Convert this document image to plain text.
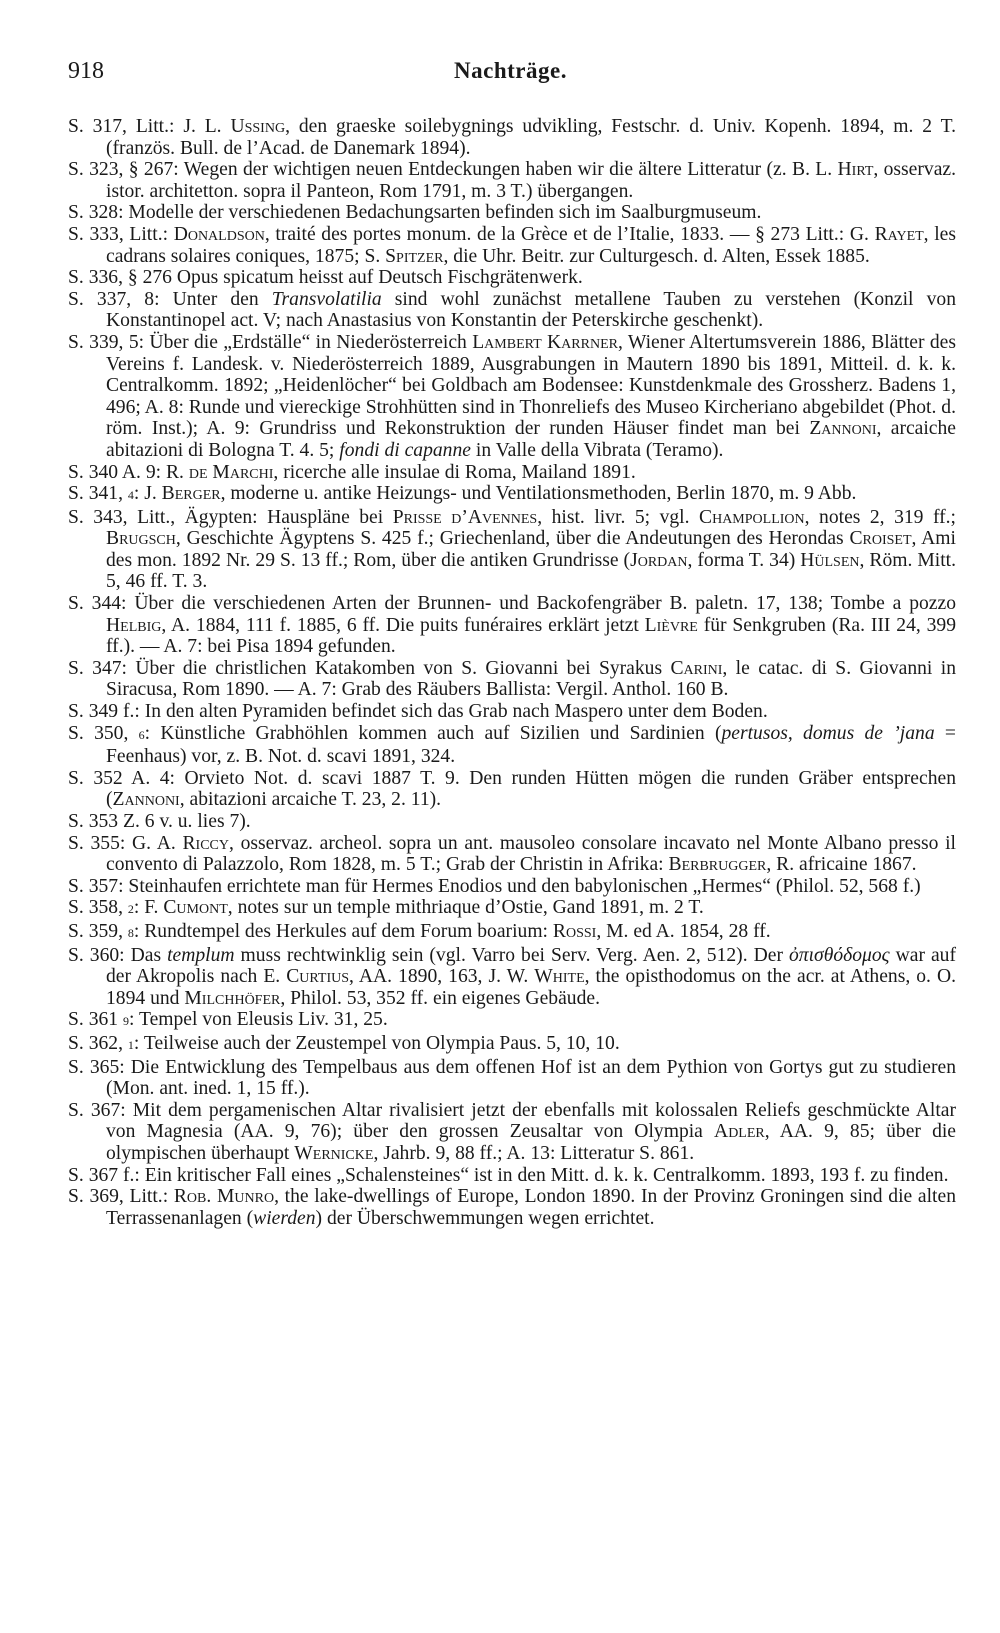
918	Nachträge.

S. 317, Litt.: J. L. Ussing, den graeske soilebygnings udvikling, Festschr. d. Univ. Kopenh. 1894, m. 2 T. (französ. Bull. de l’Acad. de Danemark 1894).

S. 323, § 267: Wegen der wichtigen neuen Entdeckungen haben wir die ältere Litteratur (z. B. L. Hirt, osservaz. istor. architetton. sopra il Panteon, Rom 1791, m. 3 T.) übergangen.

S. 328: Modelle der verschiedenen Bedachungsarten befinden sich im Saalburgmuseum.

S. 333, Litt.: Donaldson, traité des portes monum. de la Grèce et de l’Italie, 1833. — § 273 Litt.: G. Rayet, les cadrans solaires coniques, 1875; S. Spitzer, die Uhr. Beitr. zur Culturgesch. d. Alten, Essek 1885.

S. 336, § 276 Opus spicatum heisst auf Deutsch Fischgrätenwerk.

S. 337, 8: Unter den Transvolatilia sind wohl zunächst metallene Tauben zu verstehen (Konzil von Konstantinopel act. V; nach Anastasius von Konstantin der Peterskirche geschenkt).

S. 339, 5: Über die „Erdställe“ in Niederösterreich Lambert Karrner, Wiener Altertumsverein 1886, Blätter des Vereins f. Landesk. v. Niederösterreich 1889, Ausgrabungen in Mautern 1890 bis 1891, Mitteil. d. k. k. Centralkomm. 1892; „Heidenlöcher“ bei Goldbach am Bodensee: Kunstdenkmale des Grossherz. Badens 1, 496; A. 8: Runde und viereckige Strohhütten sind in Thonreliefs des Museo Kircheriano abgebildet (Phot. d. röm. Inst.); A. 9: Grundriss und Rekonstruktion der runden Häuser findet man bei Zannoni, arcaiche abitazioni di Bologna T. 4. 5; fondi di capanne in Valle della Vibrata (Teramo).

S. 340 A. 9: R. de Marchi, ricerche alle insulae di Roma, Mailand 1891.

S. 341, 4: J. Berger, moderne u. antike Heizungs- und Ventilationsmethoden, Berlin 1870, m. 9 Abb.

S. 343, Litt., Ägypten: Hauspläne bei Prisse d’Avennes, hist. livr. 5; vgl. Champollion, notes 2, 319 ff.; Brugsch, Geschichte Ägyptens S. 425 f.; Griechenland, über die Andeutungen des Herondas Croiset, Ami des mon. 1892 Nr. 29 S. 13 ff.; Rom, über die antiken Grundrisse (Jordan, forma T. 34) Hülsen, Röm. Mitt. 5, 46 ff. T. 3.

S. 344: Über die verschiedenen Arten der Brunnen- und Backofengräber B. paletn. 17, 138; Tombe a pozzo Helbig, A. 1884, 111 f. 1885, 6 ff. Die puits funéraires erklärt jetzt Lièvre für Senkgruben (Ra. III 24, 399 ff.). — A. 7: bei Pisa 1894 gefunden.

S. 347: Über die christlichen Katakomben von S. Giovanni bei Syrakus Carini, le catac. di S. Giovanni in Siracusa, Rom 1890. — A. 7: Grab des Räubers Ballista: Vergil. Anthol. 160 B.

S. 349 f.: In den alten Pyramiden befindet sich das Grab nach Maspero unter dem Boden.

S. 350, 6: Künstliche Grabhöhlen kommen auch auf Sizilien und Sardinien (pertusos, domus de ’jana = Feenhaus) vor, z. B. Not. d. scavi 1891, 324.

S. 352 A. 4: Orvieto Not. d. scavi 1887 T. 9. Den runden Hütten mögen die runden Gräber entsprechen (Zannoni, abitazioni arcaiche T. 23, 2. 11).

S. 353 Z. 6 v. u. lies 7).

S. 355: G. A. Riccy, osservaz. archeol. sopra un ant. mausoleo consolare incavato nel Monte Albano presso il convento di Palazzolo, Rom 1828, m. 5 T.; Grab der Christin in Afrika: Berbrugger, R. africaine 1867.

S. 357: Steinhaufen errichtete man für Hermes Enodios und den babylonischen „Hermes“ (Philol. 52, 568 f.)

S. 358, 2: F. Cumont, notes sur un temple mithriaque d’Ostie, Gand 1891, m. 2 T.

S. 359, 8: Rundtempel des Herkules auf dem Forum boarium: Rossi, M. ed A. 1854, 28 ff.

S. 360: Das templum muss rechtwinklig sein (vgl. Varro bei Serv. Verg. Aen. 2, 512). Der ὀπισθόδομος war auf der Akropolis nach E. Curtius, AA. 1890, 163, J. W. White, the opisthodomus on the acr. at Athens, o. O. 1894 und Milchhöfer, Philol. 53, 352 ff. ein eigenes Gebäude.

S. 361 9: Tempel von Eleusis Liv. 31, 25.

S. 362, 1: Teilweise auch der Zeustempel von Olympia Paus. 5, 10, 10.

S. 365: Die Entwicklung des Tempelbaus aus dem offenen Hof ist an dem Pythion von Gortys gut zu studieren (Mon. ant. ined. 1, 15 ff.).

S. 367: Mit dem pergamenischen Altar rivalisiert jetzt der ebenfalls mit kolossalen Reliefs geschmückte Altar von Magnesia (AA. 9, 76); über den grossen Zeusaltar von Olympia Adler, AA. 9, 85; über die olympischen überhaupt Wernicke, Jahrb. 9, 88 ff.; A. 13: Litteratur S. 861.

S. 367 f.: Ein kritischer Fall eines „Schalensteines“ ist in den Mitt. d. k. k. Centralkomm. 1893, 193 f. zu finden.

S. 369, Litt.: Rob. Munro, the lake-dwellings of Europe, London 1890. In der Provinz Groningen sind die alten Terrassenanlagen (wierden) der Überschwemmungen wegen errichtet.
